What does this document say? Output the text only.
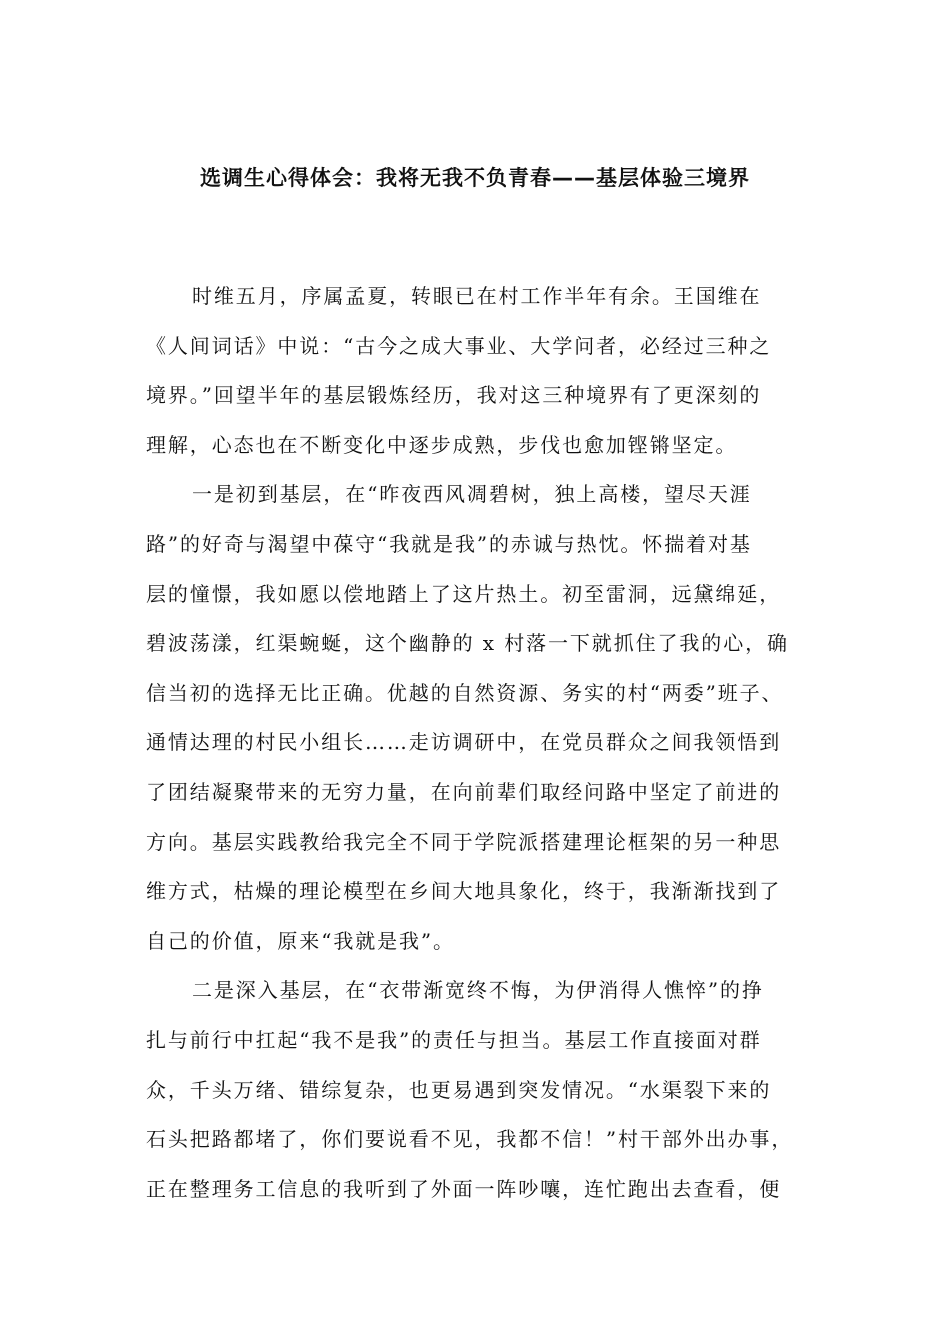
选调生心得体会：我将无我不负青春——基层体验三境界

时维五月，序属孟夏，转眼已在村工作半年有余。王国维在

《人间词话》中说：“古今之成大事业、大学问者，必经过三种之

境界。”回望半年的基层锻炼经历，我对这三种境界有了更深刻的

理解，心态也在不断变化中逐步成熟，步伐也愈加铿锵坚定。

一是初到基层，在“昨夜西风凋碧树，独上高楼，望尽天涯

路”的好奇与渴望中葆守“我就是我”的赤诚与热忱。怀揣着对基

层的憧憬，我如愿以偿地踏上了这片热土。初至雷洞，远黛绵延，

碧波荡漾，红渠蜿蜒，这个幽静的 x 村落一下就抓住了我的心，确

信当初的选择无比正确。优越的自然资源、务实的村“两委”班子、

通情达理的村民小组长……走访调研中，在党员群众之间我领悟到

了团结凝聚带来的无穷力量，在向前辈们取经问路中坚定了前进的

方向。基层实践教给我完全不同于学院派搭建理论框架的另一种思

维方式，枯燥的理论模型在乡间大地具象化，终于，我渐渐找到了

自己的价值，原来“我就是我”。

二是深入基层，在“衣带渐宽终不悔，为伊消得人憔悴”的挣

扎与前行中扛起“我不是我”的责任与担当。基层工作直接面对群

众，千头万绪、错综复杂，也更易遇到突发情况。“水渠裂下来的

石头把路都堵了，你们要说看不见，我都不信！”村干部外出办事，

正在整理务工信息的我听到了外面一阵吵嚷，连忙跑出去查看，便
